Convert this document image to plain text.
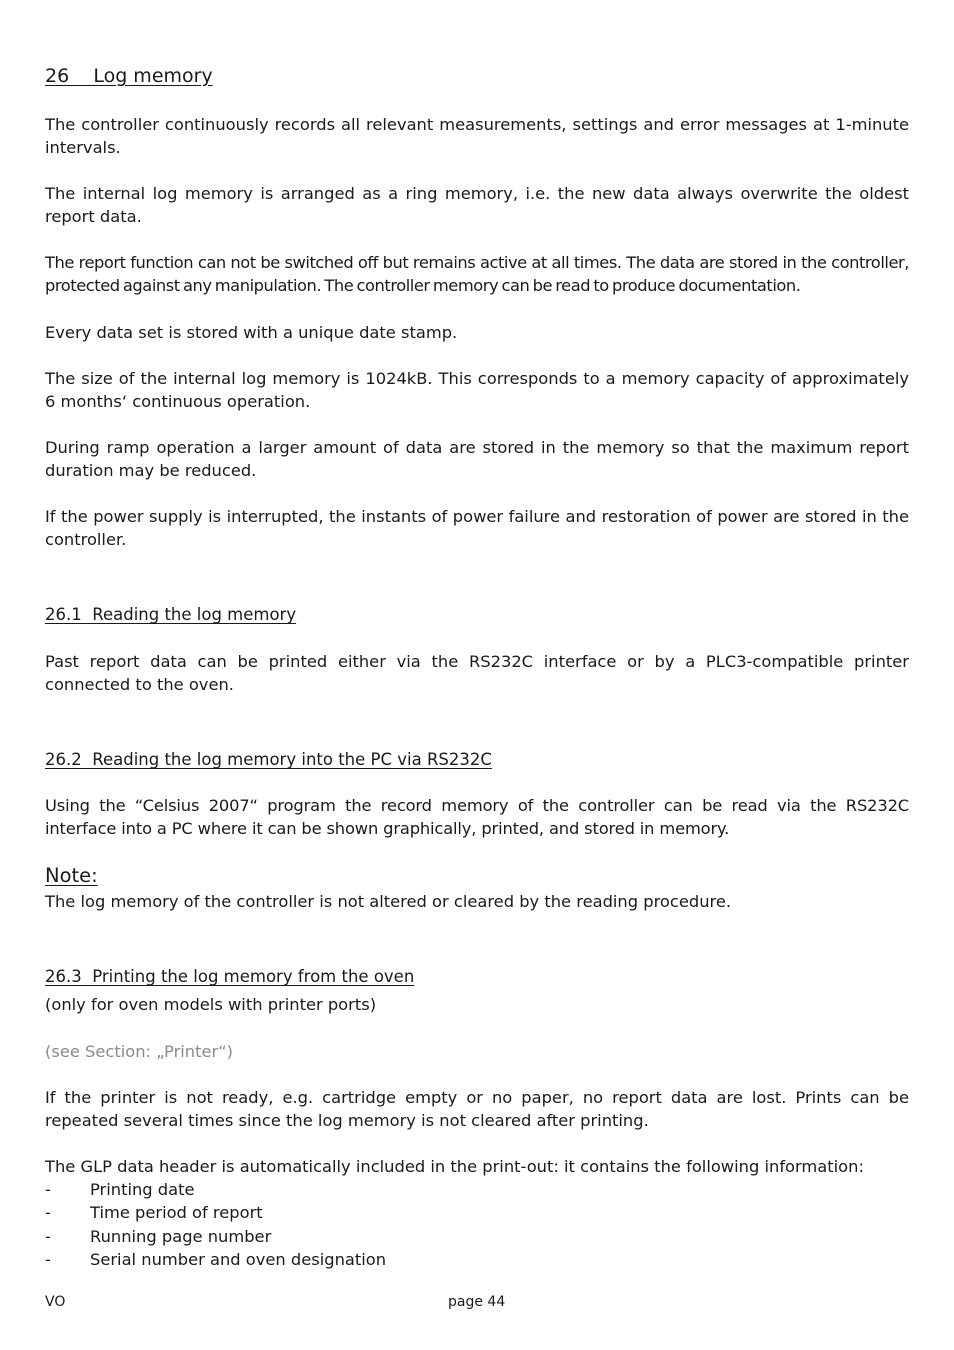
26    Log memory
The controller continuously records all relevant measurements, settings and error messages at 1-minute intervals.
The internal log memory is arranged as a ring memory, i.e. the new data always overwrite the oldest report data.
The report function can not be switched off but remains active at all times. The data are stored in the controller, protected against any manipulation. The controller memory can be read to produce documentation.
Every data set is stored with a unique date stamp.
The size of the internal log memory is 1024kB. This corresponds to a memory capacity of approximately 6 months‘ continuous operation.
During ramp operation a larger amount of data are stored in the memory so that the maximum report duration may be reduced.
If the power supply is interrupted, the instants of power failure and restoration of power are stored in the controller.
26.1  Reading the log memory
Past report data can be printed either via the RS232C interface or by a PLC3-compatible printer connected to the oven.
26.2  Reading the log memory into the PC via RS232C
Using the “Celsius 2007“ program the record memory of the controller can be read via the RS232C interface into a PC where it can be shown graphically, printed, and stored in memory.
Note:
The log memory of the controller is not altered or cleared by the reading procedure.
26.3  Printing the log memory from the oven
(only for oven models with printer ports)
(see Section: „Printer“)
If the printer is not ready, e.g. cartridge empty or no paper, no report data are lost. Prints can be repeated several times since the log memory is not cleared after printing.
The GLP data header is automatically included in the print-out: it contains the following information:
-	Printing date
-	Time period of report
-	Running page number
-	Serial number and oven designation
VO	page 44
